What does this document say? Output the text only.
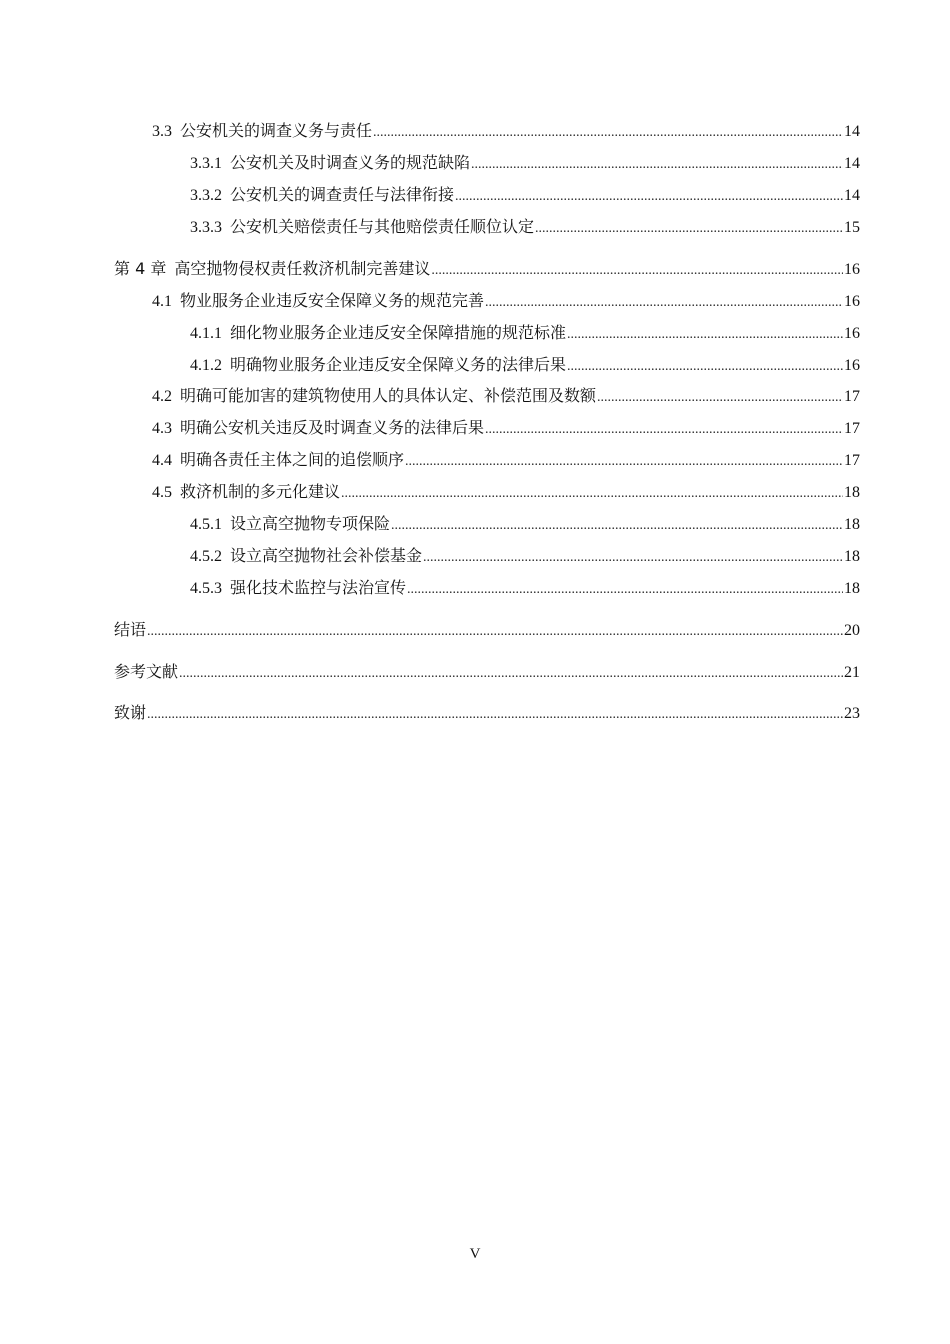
3.3 公安机关的调查义务与责任 .....	14
3.3.1 公安机关及时调查义务的规范缺陷 .....	14
3.3.2 公安机关的调查责任与法律衔接 .....	14
3.3.3 公安机关赔偿责任与其他赔偿责任顺位认定 .....	15
第 4 章 高空抛物侵权责任救济机制完善建议 .....	16
4.1 物业服务企业违反安全保障义务的规范完善 .....	16
4.1.1 细化物业服务企业违反安全保障措施的规范标准 .....	16
4.1.2 明确物业服务企业违反安全保障义务的法律后果 .....	16
4.2 明确可能加害的建筑物使用人的具体认定、补偿范围及数额 .....	17
4.3 明确公安机关违反及时调查义务的法律后果 .....	17
4.4 明确各责任主体之间的追偿顺序 .....	17
4.5 救济机制的多元化建议 .....	18
4.5.1 设立高空抛物专项保险 .....	18
4.5.2 设立高空抛物社会补偿基金 .....	18
4.5.3 强化技术监控与法治宣传 .....	18
结语 .....	20
参考文献 .....	21
致谢 .....	23
V
